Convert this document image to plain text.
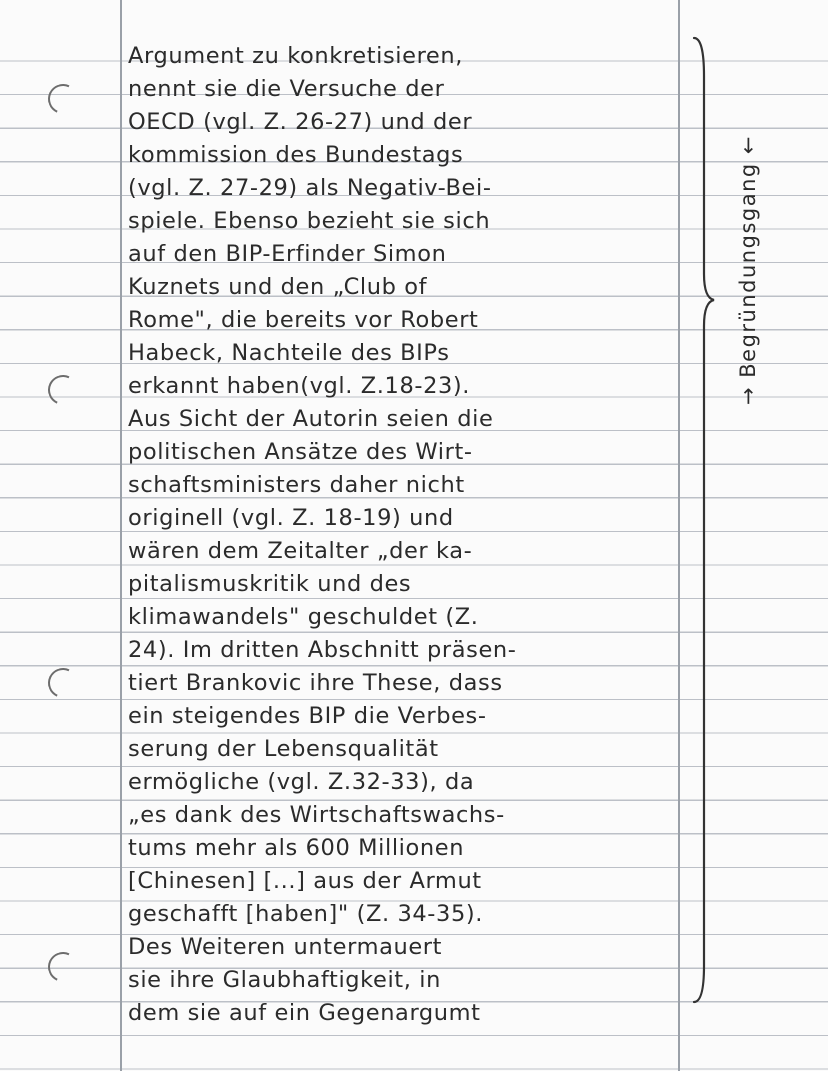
Argument zu konkretisieren,
nennt sie die Versuche der
OECD (vgl. Z. 26-27) und der
kommission des Bundestags
(vgl. Z. 27-29) als Negativ-Bei-
spiele. Ebenso bezieht sie sich
auf den BIP-Erfinder Simon
Kuznets und den „Club of
Rome", die bereits vor Robert
Habeck, Nachteile des BIPs
erkannt haben(vgl. Z.18-23).
Aus Sicht der Autorin seien die
politischen Ansätze des Wirt-
schaftsministers daher nicht
originell (vgl. Z. 18-19) und
wären dem Zeitalter „der ka-
pitalismuskritik und des
klimawandels" geschuldet (Z.
24). Im dritten Abschnitt präsen-
tiert Brankovic ihre These, dass
ein steigendes BIP die Verbes-
serung der Lebensqualität
ermögliche (vgl. Z.32-33), da
„es dank des Wirtschaftswachs-
tums mehr als 600 Millionen
[Chinesen] [...] aus der Armut
geschafft [haben]" (Z. 34-35).
Des Weiteren untermauert
sie ihre Glaubhaftigkeit, in
dem sie auf ein Gegenargumt
→ Begründungsgang ←
